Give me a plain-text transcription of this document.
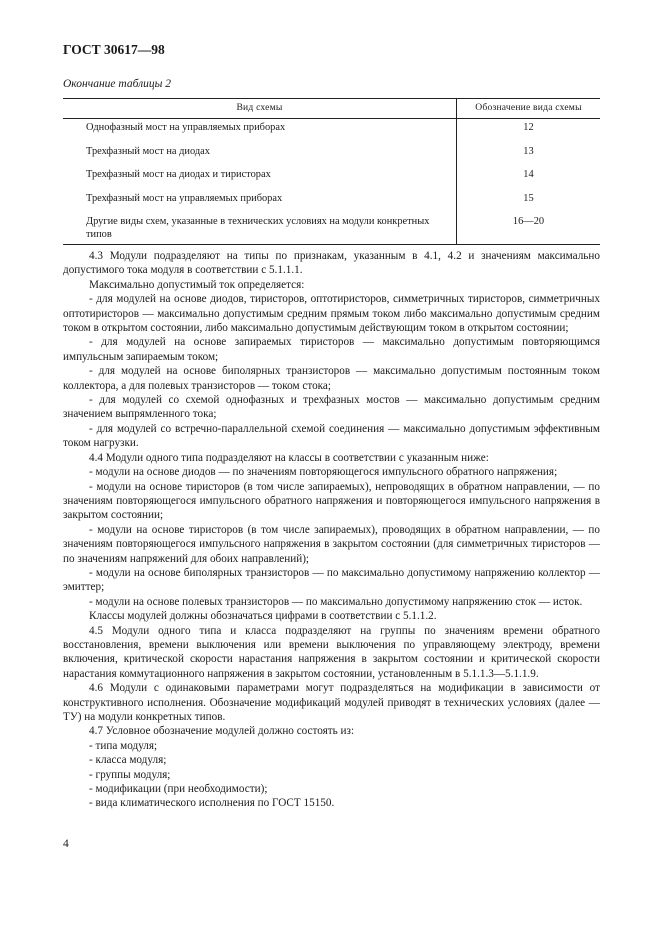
ГОСТ 30617—98
Окончание таблицы 2
Вид схемы	Обозначение вида схемы
Однофазный мост на управляемых приборах	12
Трехфазный мост на диодах	13
Трехфазный мост на диодах и тиристорах	14
Трехфазный мост на управляемых приборах	15
Другие виды схем, указанные в технических условиях на модули конкретных типов	16—20

4.3 Модули подразделяют на типы по признакам, указанным в 4.1, 4.2 и значениям максимально допустимого тока модуля в соответствии с 5.1.1.1.

Максимально допустимый ток определяется:

- для модулей на основе диодов, тиристоров, оптотиристоров, симметричных тиристоров, симметричных оптотиристоров — максимально допустимым средним прямым током либо максимально допустимым средним током в открытом состоянии, либо максимально допустимым действующим током в открытом состоянии;

- для модулей на основе запираемых тиристоров — максимально допустимым повторяющимся импульсным запираемым током;

- для модулей на основе биполярных транзисторов — максимально допустимым постоянным током коллектора, а для полевых транзисторов — током стока;

- для модулей со схемой однофазных и трехфазных мостов — максимально допустимым средним значением выпрямленного тока;

- для модулей со встречно-параллельной схемой соединения — максимально допустимым эффективным током нагрузки.

4.4 Модули одного типа подразделяют на классы в соответствии с указанным ниже:

- модули на основе диодов — по значениям повторяющегося импульсного обратного напряжения;

- модули на основе тиристоров (в том числе запираемых), непроводящих в обратном направлении, — по значениям повторяющегося импульсного обратного напряжения и повторяющегося импульсного напряжения в закрытом состоянии;

- модули на основе тиристоров (в том числе запираемых), проводящих в обратном направлении, — по значениям повторяющегося импульсного напряжения в закрытом состоянии (для симметричных тиристоров — по значениям напряжений для обоих направлений);

- модули на основе биполярных транзисторов — по максимально допустимому напряжению коллектор — эмиттер;

- модули на основе полевых транзисторов — по максимально допустимому напряжению сток — исток.

Классы модулей должны обозначаться цифрами в соответствии с 5.1.1.2.

4.5 Модули одного типа и класса подразделяют на группы по значениям времени обратного восстановления, времени выключения или времени выключения по управляющему электроду, времени включения, критической скорости нарастания напряжения в закрытом состоянии и критической скорости нарастания коммутационного напряжения в закрытом состоянии, установленным в 5.1.1.3—5.1.1.9.

4.6 Модули с одинаковыми параметрами могут подразделяться на модификации в зависимости от конструктивного исполнения. Обозначение модификаций модулей приводят в технических условиях (далее — ТУ) на модули конкретных типов.

4.7 Условное обозначение модулей должно состоять из:

- типа модуля;

- класса модуля;

- группы модуля;

- модификации (при необходимости);

- вида климатического исполнения по ГОСТ 15150.

4
